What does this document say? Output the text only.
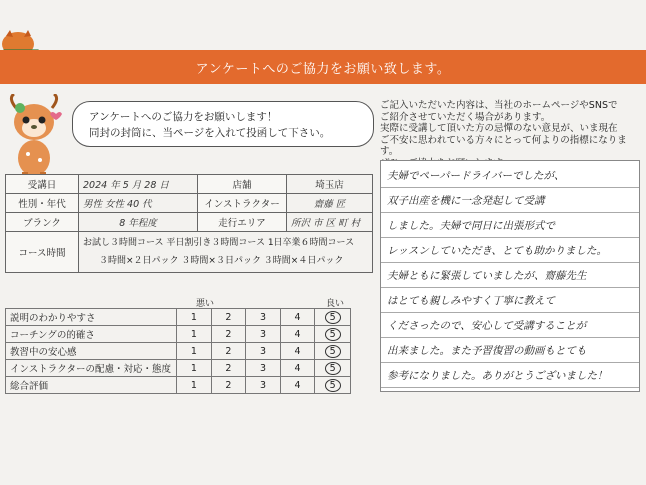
アンケートへのご協力をお願い致します。
アンケートへのご協力をお願いします！
同封の封筒に、当ページを入れて投函して下さい。
受講日	2024 年 5 月 28 日	店舗	埼玉店
性別・年代	男性 女性 40 代	インストラクター	齋藤 匠
ブランク	8 年程度	走行エリア	所沢 市 区 町 村
コース時間	お試し３時間コース 平日割引き３時間コース 1日卒業６時間コース
３時間×２日パック ３時間×３日パック ３時間×４日パック		
悪い	良い
説明のわかりやすさ	1	2	3	4	5
コーチングの的確さ	1	2	3	4	5
教習中の安心感	1	2	3	4	5
インストラクターの配慮・対応・態度	1	2	3	4	5
総合評価	1	2	3	4	5
ご記入いただいた内容は、当社のホームページやSNSで
ご紹介させていただく場合があります。
実際に受講して頂いた方の忌憚のない意見が、いま現在
ご不安に思われている方々にとって何よりの指標になります。
夫婦でペーパードライバーでしたが、
双子出産を機に一念発起して受講
しました。夫婦で同日に出張形式で
レッスンしていただき、とても助かりました。
夫婦ともに緊張していましたが、齋藤先生
はとても親しみやすく丁寧に教えて
くださったので、安心して受講することが
出来ました。また予習復習の動画もとても
参考になりました。ありがとうございました！
